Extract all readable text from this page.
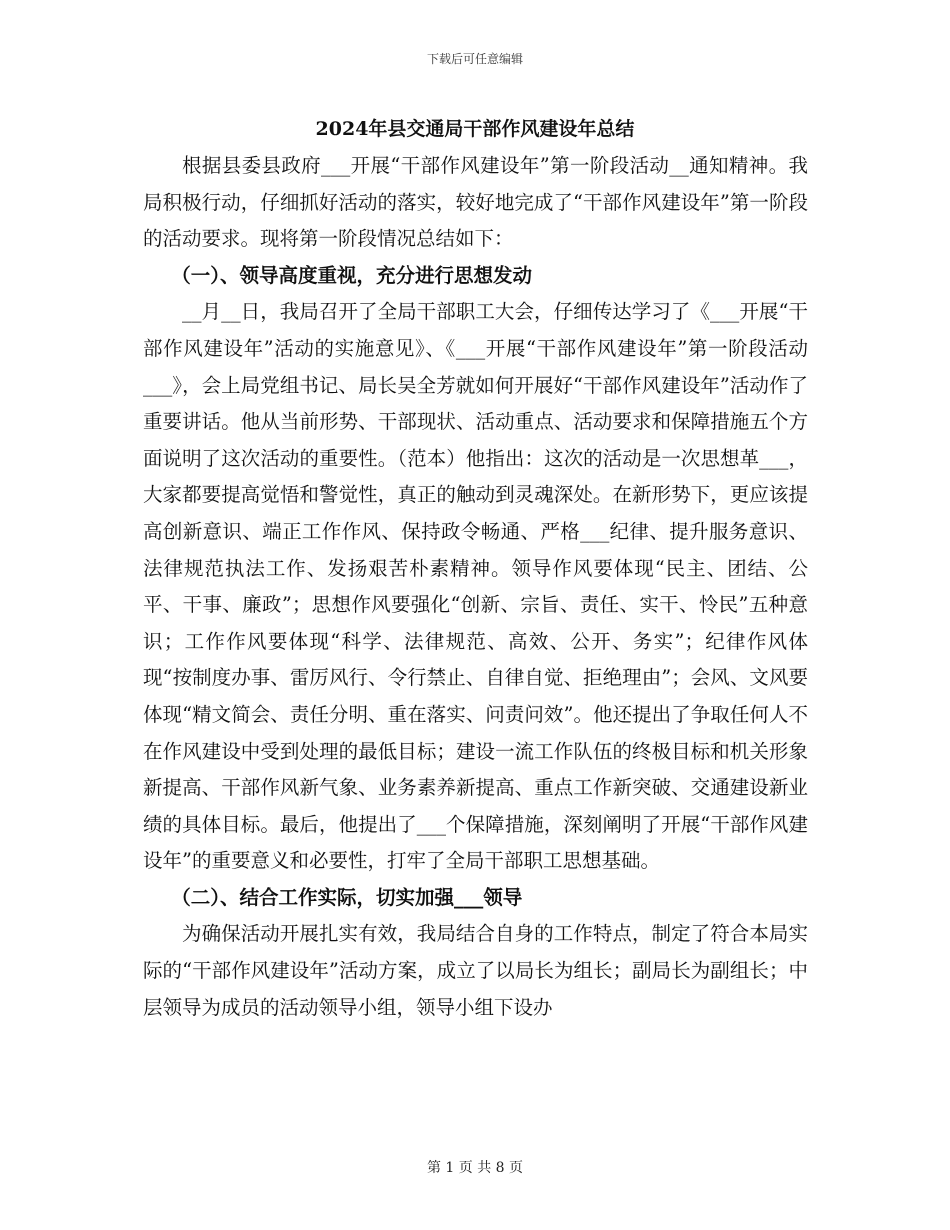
下载后可任意编辑
2024年县交通局干部作风建设年总结

根据县委县政府___开展“干部作风建设年”第一阶段活动__通知精神。我局积极行动，仔细抓好活动的落实，较好地完成了“干部作风建设年”第一阶段的活动要求。现将第一阶段情况总结如下：

（一）、领导高度重视，充分进行思想发动

__月__日，我局召开了全局干部职工大会，仔细传达学习了《___开展“干部作风建设年”活动的实施意见》、《___开展“干部作风建设年”第一阶段活动___》，会上局党组书记、局长吴全芳就如何开展好“干部作风建设年”活动作了重要讲话。他从当前形势、干部现状、活动重点、活动要求和保障措施五个方面说明了这次活动的重要性。（范本）他指出：这次的活动是一次思想革___，大家都要提高觉悟和警觉性，真正的触动到灵魂深处。在新形势下，更应该提高创新意识、端正工作作风、保持政令畅通、严格___纪律、提升服务意识、法律规范执法工作、发扬艰苦朴素精神。领导作风要体现“民主、团结、公平、干事、廉政”；思想作风要强化“创新、宗旨、责任、实干、怜民”五种意识；工作作风要体现“科学、法律规范、高效、公开、务实”；纪律作风体现“按制度办事、雷厉风行、令行禁止、自律自觉、拒绝理由”；会风、文风要体现“精文简会、责任分明、重在落实、问责问效”。他还提出了争取任何人不在作风建设中受到处理的最低目标；建设一流工作队伍的终极目标和机关形象新提高、干部作风新气象、业务素养新提高、重点工作新突破、交通建设新业绩的具体目标。最后，他提出了___个保障措施，深刻阐明了开展“干部作风建设年”的重要意义和必要性，打牢了全局干部职工思想基础。

（二）、结合工作实际，切实加强___领导

为确保活动开展扎实有效，我局结合自身的工作特点，制定了符合本局实际的“干部作风建设年”活动方案，成立了以局长为组长；副局长为副组长；中层领导为成员的活动领导小组，领导小组下设办

第 1 页 共 8 页
